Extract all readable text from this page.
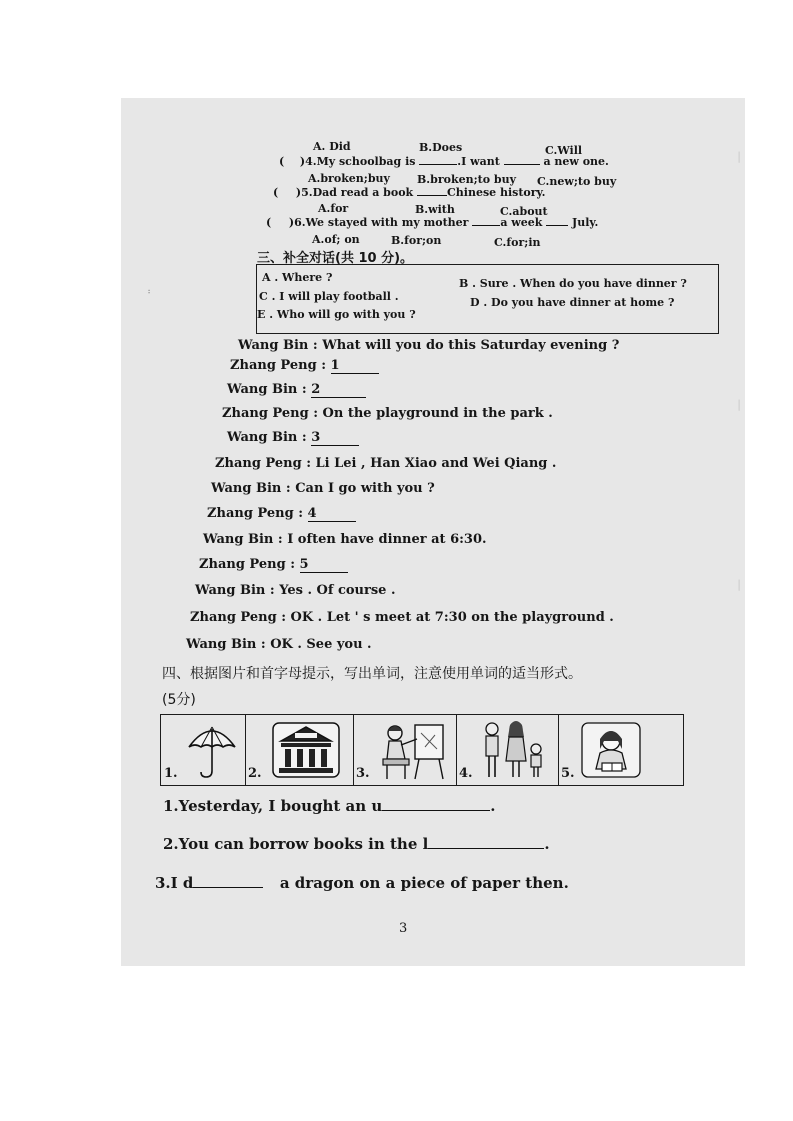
|
|
|
··
A. Did	B.Does	C.Will
( )4.My schoolbag is	.I want	a new one.
A.broken;buy B.broken;to buy C.new;to buy
( )5.Dad read a book	Chinese history.
A.for	B.with	C.about
( )6.We stayed with my mother	a week	July.
A.of; on	B.for;on	C.for;in
三、补全对话(共 10 分)。
A . Where ?	B . Sure . When do you have dinner ?
C . I will play football .	D . Do you have dinner at home ?
E . Who will go with you ?
Wang Bin : What will you do this Saturday evening ?
Zhang Peng : 1
Wang Bin : 2
Zhang Peng : On the playground in the park .
Wang Bin : 3
Zhang Peng : Li Lei , Han Xiao and Wei Qiang .
Wang Bin : Can I go with you ?
Zhang Peng : 4
Wang Bin : I often have dinner at 6:30.
Zhang Peng : 5
Wang Bin : Yes . Of course .
Zhang Peng : OK . Let ' s meet at 7:30 on the playground .
Wang Bin : OK . See you .
四、根据图片和首字母提示，写出单词，注意使用单词的适当形式。
(5分)
1.	2.	3.	4.	5.
1.Yesterday, I bought an u	.
2.You can borrow books in the l	.
3.I d	a dragon on a piece of paper then.
3
